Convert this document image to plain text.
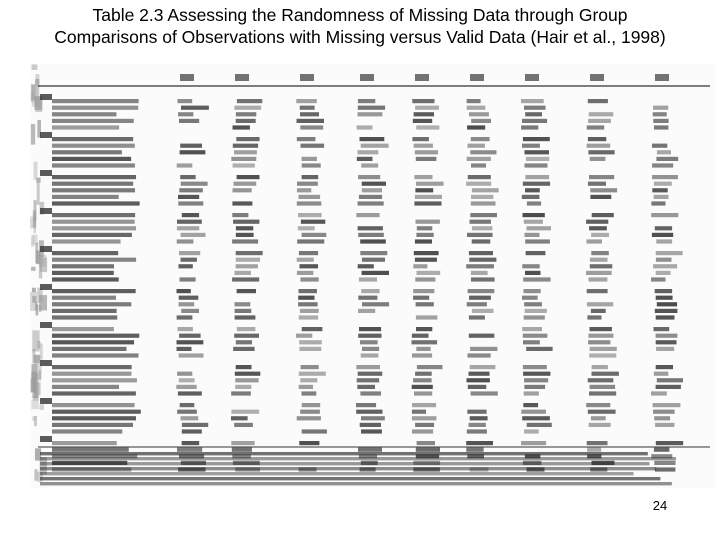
Table 2.3 Assessing the Randomness of Missing Data through Group
Comparisons of Observations with Missing versus Valid Data (Hair et al., 1998)
24
